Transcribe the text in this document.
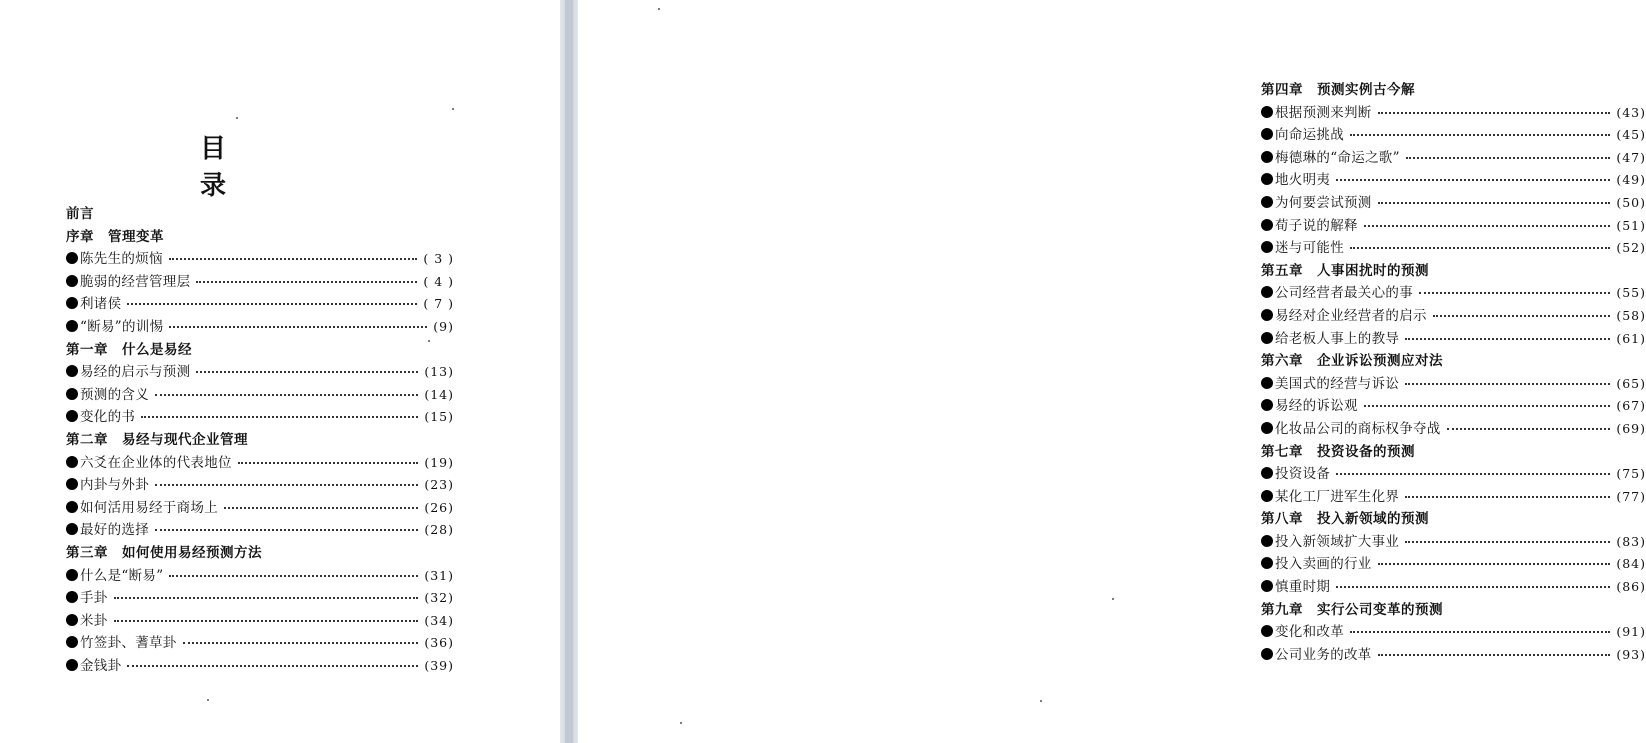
目　录
前言
序章　管理变革
陈先生的烦恼	( 3 )
脆弱的经营管理层	( 4 )
利诸侯	( 7 )
“断易”的训惕	(9)
第一章　什么是易经
易经的启示与预测	(13)
预测的含义	(14)
变化的书	(15)
第二章　易经与现代企业管理
六爻在企业体的代表地位	(19)
内卦与外卦	(23)
如何活用易经于商场上	(26)
最好的选择	(28)
第三章　如何使用易经预测方法
什么是“断易”	(31)
手卦	(32)
米卦	(34)
竹签卦、蓍草卦	(36)
金钱卦	(39)
第四章　预测实例古今解
根据预测来判断	(43)
向命运挑战	(45)
梅德琳的“命运之歌”	(47)
地火明夷	(49)
为何要尝试预测	(50)
荀子说的解释	(51)
迷与可能性	(52)
第五章　人事困扰时的预测
公司经营者最关心的事	(55)
易经对企业经营者的启示	(58)
给老板人事上的教导	(61)
第六章　企业诉讼预测应对法
美国式的经营与诉讼	(65)
易经的诉讼观	(67)
化妆品公司的商标权争夺战	(69)
第七章　投资设备的预测
投资设备	(75)
某化工厂进军生化界	(77)
第八章　投入新领域的预测
投入新领域扩大事业	(83)
投入卖画的行业	(84)
慎重时期	(86)
第九章　实行公司变革的预测
变化和改革	(91)
公司业务的改革	(93)
